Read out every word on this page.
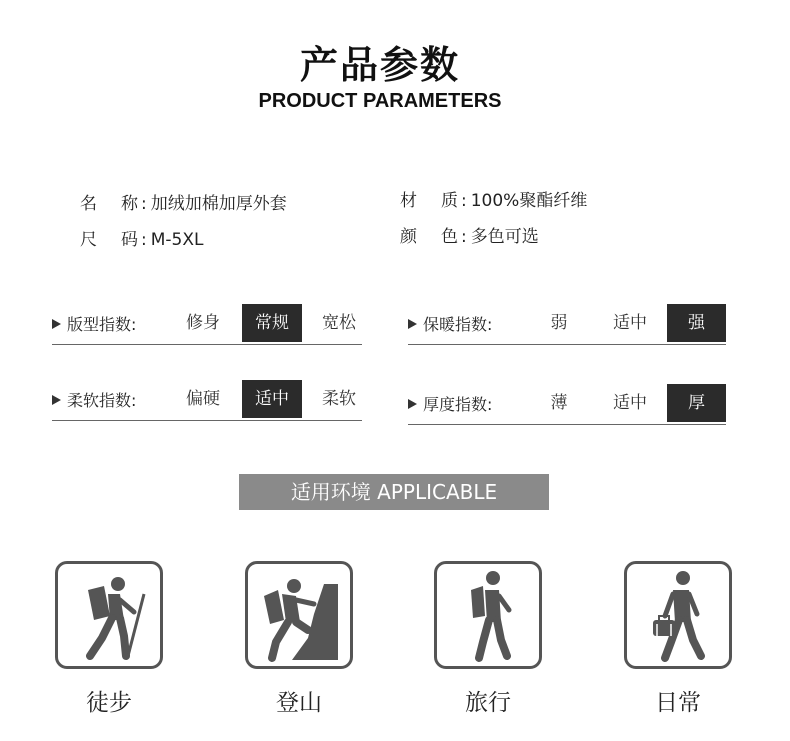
产品参数
PRODUCT PARAMETERS
名 称 : 加绒加棉加厚外套	材 质 : 100%聚酯纤维
尺 码 : M-5XL	颜 色 : 多色可选
版型指数:	修身	常规	宽松	保暖指数:	弱	适中	强
柔软指数:	偏硬	适中	柔软	厚度指数:	薄	适中	厚
适用环境 APPLICABLE
徒步	登山	旅行	日常
